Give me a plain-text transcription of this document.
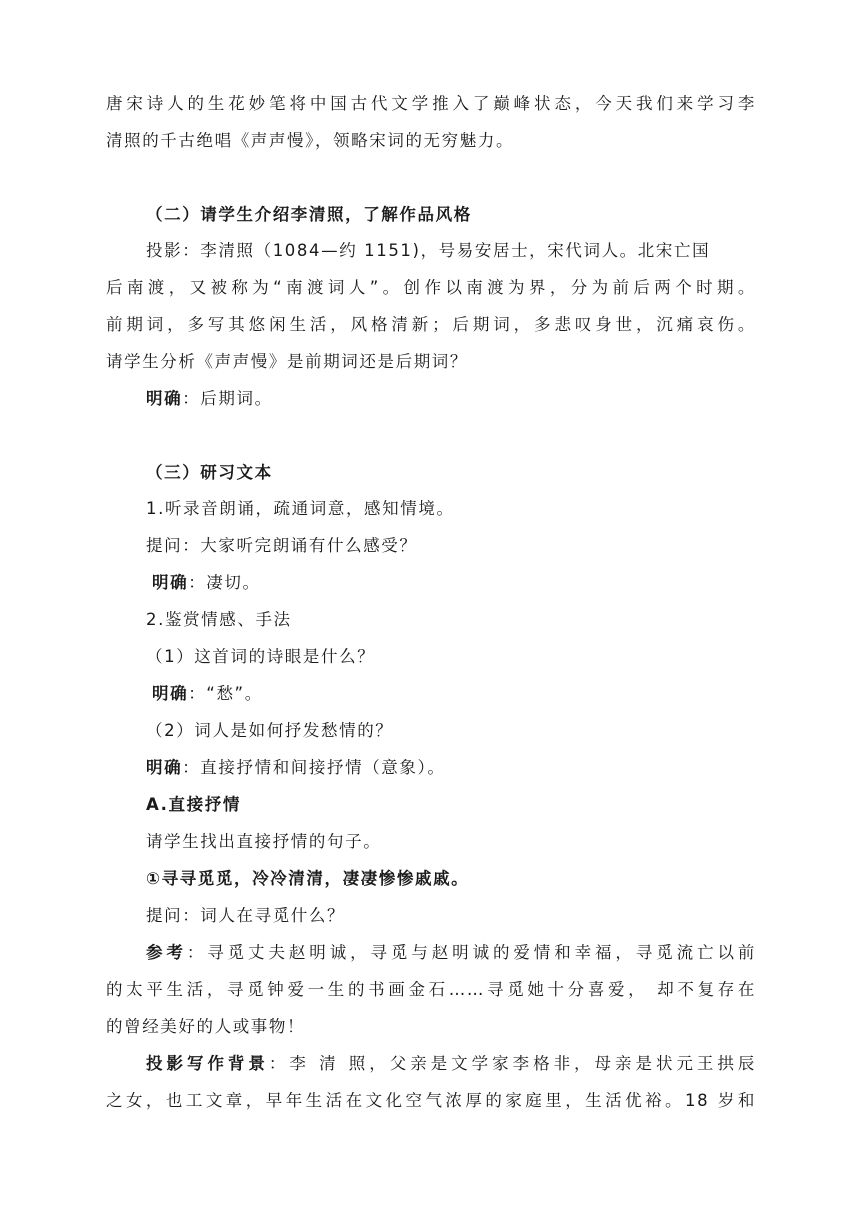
唐宋诗人的生花妙笔将中国古代文学推入了巅峰状态，今天我们来学习李
清照的千古绝唱《声声慢》，领略宋词的无穷魅力。
（二）请学生介绍李清照，了解作品风格
投影：李清照（1084—约 1151)，号易安居士，宋代词人。北宋亡国
后南渡，又被称为“南渡词人”。创作以南渡为界，分为前后两个时期。
前期词，多写其悠闲生活，风格清新；后期词，多悲叹身世，沉痛哀伤。
请学生分析《声声慢》是前期词还是后期词？
明确：后期词。
（三）研习文本
1.听录音朗诵，疏通词意，感知情境。
提问：大家听完朗诵有什么感受？
明确：凄切。
2.鉴赏情感、手法
（1）这首词的诗眼是什么？
明确：“愁”。
（2）词人是如何抒发愁情的？
明确：直接抒情和间接抒情（意象）。
A.直接抒情
请学生找出直接抒情的句子。
①寻寻觅觅，冷冷清清，凄凄惨惨戚戚。
提问：词人在寻觅什么？
参考：寻觅丈夫赵明诚，寻觅与赵明诚的爱情和幸福，寻觅流亡以前
的太平生活，寻觅钟爱一生的书画金石……寻觅她十分喜爱， 却不复存在
的曾经美好的人或事物！
投影写作背景：李 清 照，父亲是文学家李格非，母亲是状元王拱辰
之女，也工文章，早年生活在文化空气浓厚的家庭里，生活优裕。18 岁和
